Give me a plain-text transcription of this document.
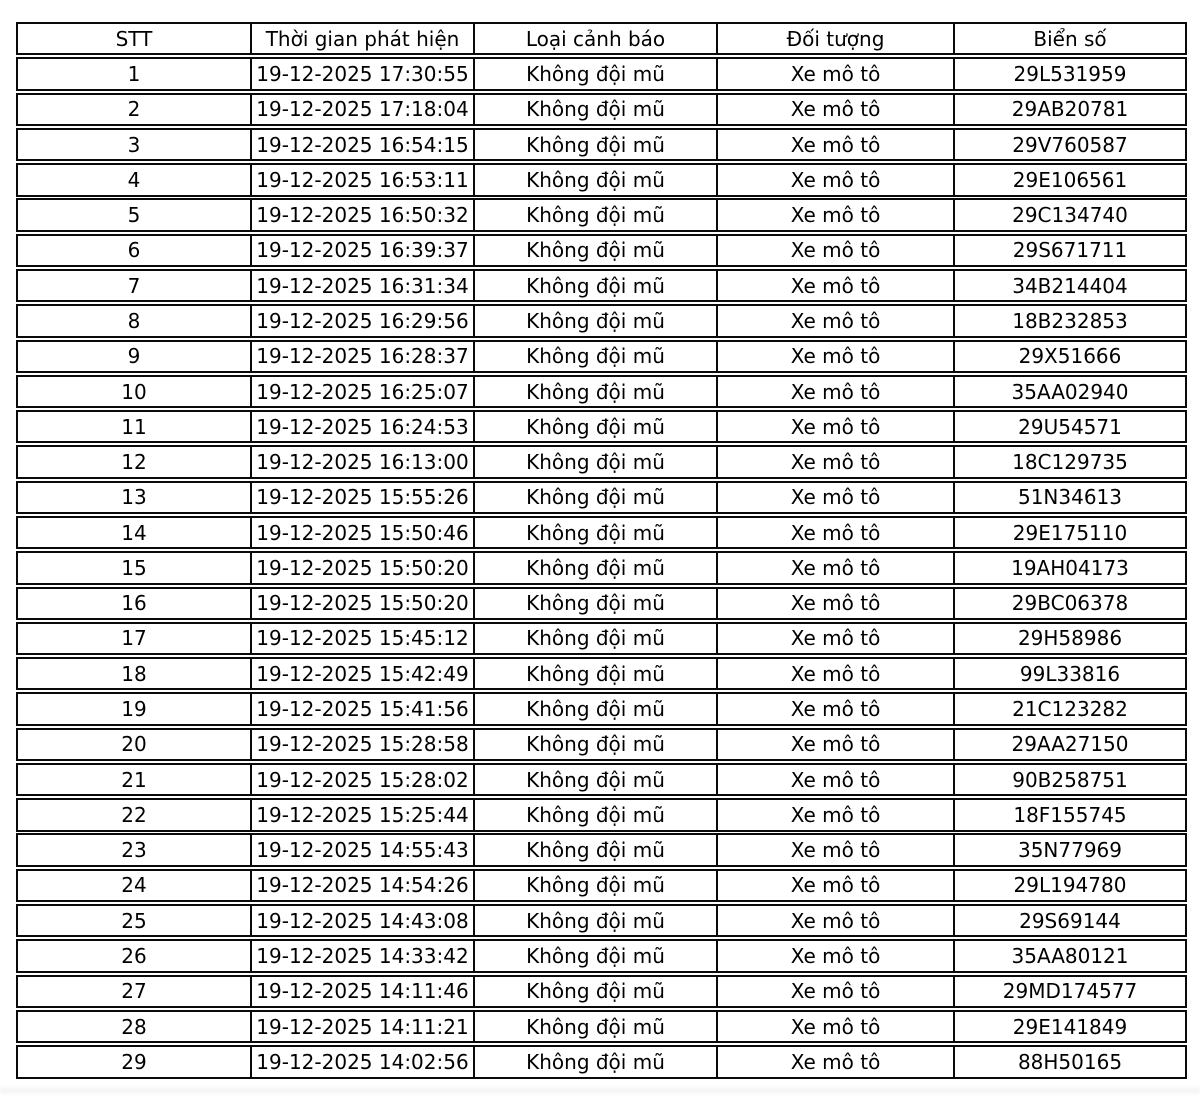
STT	Thời gian phát hiện	Loại cảnh báo	Đối tượng	Biển số
1	19-12-2025 17:30:55	Không đội mũ	Xe mô tô	29L531959
2	19-12-2025 17:18:04	Không đội mũ	Xe mô tô	29AB20781
3	19-12-2025 16:54:15	Không đội mũ	Xe mô tô	29V760587
4	19-12-2025 16:53:11	Không đội mũ	Xe mô tô	29E106561
5	19-12-2025 16:50:32	Không đội mũ	Xe mô tô	29C134740
6	19-12-2025 16:39:37	Không đội mũ	Xe mô tô	29S671711
7	19-12-2025 16:31:34	Không đội mũ	Xe mô tô	34B214404
8	19-12-2025 16:29:56	Không đội mũ	Xe mô tô	18B232853
9	19-12-2025 16:28:37	Không đội mũ	Xe mô tô	29X51666
10	19-12-2025 16:25:07	Không đội mũ	Xe mô tô	35AA02940
11	19-12-2025 16:24:53	Không đội mũ	Xe mô tô	29U54571
12	19-12-2025 16:13:00	Không đội mũ	Xe mô tô	18C129735
13	19-12-2025 15:55:26	Không đội mũ	Xe mô tô	51N34613
14	19-12-2025 15:50:46	Không đội mũ	Xe mô tô	29E175110
15	19-12-2025 15:50:20	Không đội mũ	Xe mô tô	19AH04173
16	19-12-2025 15:50:20	Không đội mũ	Xe mô tô	29BC06378
17	19-12-2025 15:45:12	Không đội mũ	Xe mô tô	29H58986
18	19-12-2025 15:42:49	Không đội mũ	Xe mô tô	99L33816
19	19-12-2025 15:41:56	Không đội mũ	Xe mô tô	21C123282
20	19-12-2025 15:28:58	Không đội mũ	Xe mô tô	29AA27150
21	19-12-2025 15:28:02	Không đội mũ	Xe mô tô	90B258751
22	19-12-2025 15:25:44	Không đội mũ	Xe mô tô	18F155745
23	19-12-2025 14:55:43	Không đội mũ	Xe mô tô	35N77969
24	19-12-2025 14:54:26	Không đội mũ	Xe mô tô	29L194780
25	19-12-2025 14:43:08	Không đội mũ	Xe mô tô	29S69144
26	19-12-2025 14:33:42	Không đội mũ	Xe mô tô	35AA80121
27	19-12-2025 14:11:46	Không đội mũ	Xe mô tô	29MD174577
28	19-12-2025 14:11:21	Không đội mũ	Xe mô tô	29E141849
29	19-12-2025 14:02:56	Không đội mũ	Xe mô tô	88H50165
